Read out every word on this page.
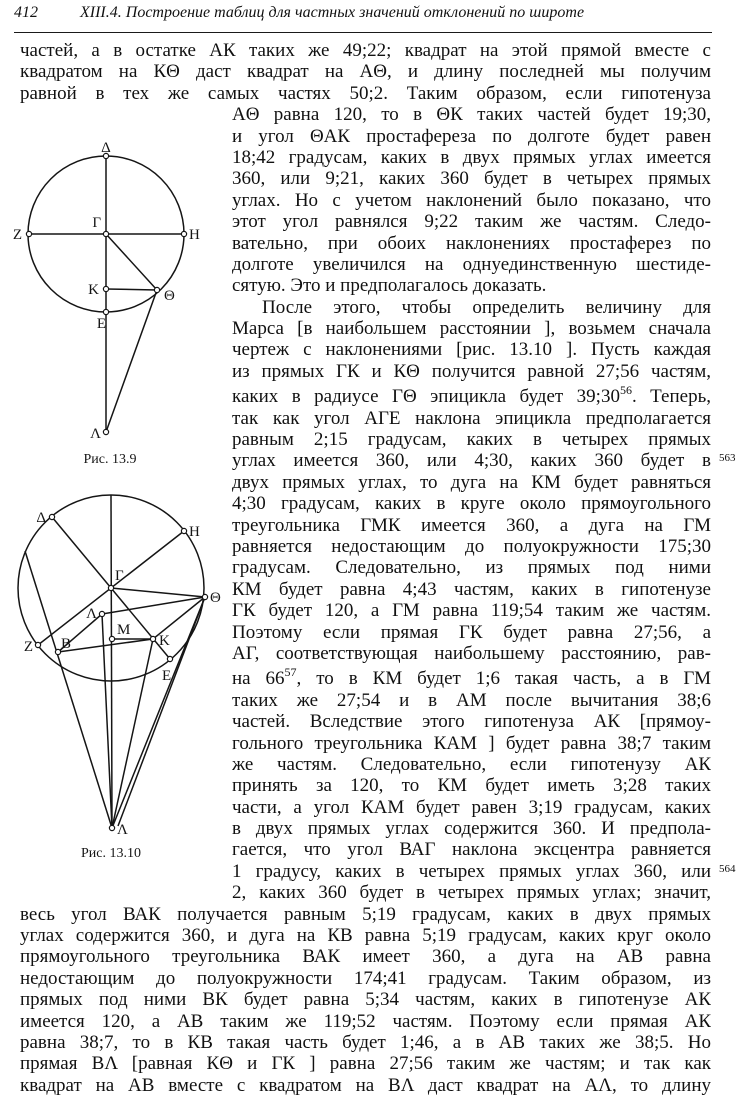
412	XIII.4. Построение таблиц для частных значений отклонений по широте
Δ
Γ
Z	H
K	Θ
E
Λ
Рис. 13.9
Δ
H
Γ
Θ
Λ
M
K
Z B
E
Λ
Рис. 13.10
частей, а в остатке АК таких же 49;22; квадрат на этой прямой вместе с
квадратом на КΘ даст квадрат на АΘ, и длину последней мы получим
равной в тех же самых частях 50;2. Таким образом, если гипотенуза
АΘ равна 120, то в ΘК таких частей будет 19;30,
и угол ΘАК простафереза по долготе будет равен
18;42 градусам, каких в двух прямых углах имеется
360, или 9;21, каких 360 будет в четырех прямых
углах. Но с учетом наклонений было показано, что
этот угол равнялся 9;22 таким же частям. Следо-
вательно, при обоих наклонениях простаферез по
долготе увеличился на однуединственную шестиде-
сятую. Это и предполагалось доказать.
После этого, чтобы определить величину для
Марса [в наибольшем расстоянии ], возьмем сначала
чертеж с наклонениями [рис. 13.10 ]. Пусть каждая
из прямых ГК и КΘ получится равной 27;56 частям,
каких в радиусе ГΘ эпицикла будет $39;30^{56}$. Теперь,
так как угол АГЕ наклона эпицикла предполагается
равным 2;15 градусам, каких в четырех прямых
углах имеется 360, или 4;30, каких 360 будет в
двух прямых углах, то дуга на КМ будет равняться
4;30 градусам, каких в круге около прямоугольного
треугольника ГМК имеется 360, а дуга на ГМ
равняется недостающим до полуокружности 175;30
градусам. Следовательно, из прямых под ними
КМ будет равна 4;43 частям, каких в гипотенузе
ГК будет 120, а ГМ равна 119;54 таким же частям.
Поэтому если прямая ГК будет равна 27;56, а
АГ, соответствующая наибольшему расстоянию, рав-
на $66^{57}$, то в КМ будет 1;6 такая часть, а в ГМ
таких же 27;54 и в АМ после вычитания 38;6
частей. Вследствие этого гипотенуза АК [прямоу-
гольного треугольника КАМ ] будет равна 38;7 таким
же частям. Следовательно, если гипотенузу АК
принять за 120, то КМ будет иметь 3;28 таких
части, а угол КАМ будет равен 3;19 градусам, каких
в двух прямых углах содержится 360. И предпола-
гается, что угол ВАГ наклона эксцентра равняется
1 градусу, каких в четырех прямых углах 360, или
2, каких 360 будет в четырех прямых углах; значит,
весь угол ВАК получается равным 5;19 градусам, каких в двух прямых
углах содержится 360, и дуга на КВ равна 5;19 градусам, каких круг около
прямоугольного треугольника ВАК имеет 360, а дуга на АВ равна
недостающим до полуокружности 174;41 градусам. Таким образом, из
прямых под ними ВК будет равна 5;34 частям, каких в гипотенузе АК
имеется 120, а АВ таким же 119;52 частям. Поэтому если прямая АК
равна 38;7, то в КВ такая часть будет 1;46, а в АВ таких же 38;5. Но
прямая ВΛ [равная КΘ и ГК ] равна 27;56 таким же частям; и так как
квадрат на АВ вместе с квадратом на ВΛ даст квадрат на АΛ, то длину
563
564
